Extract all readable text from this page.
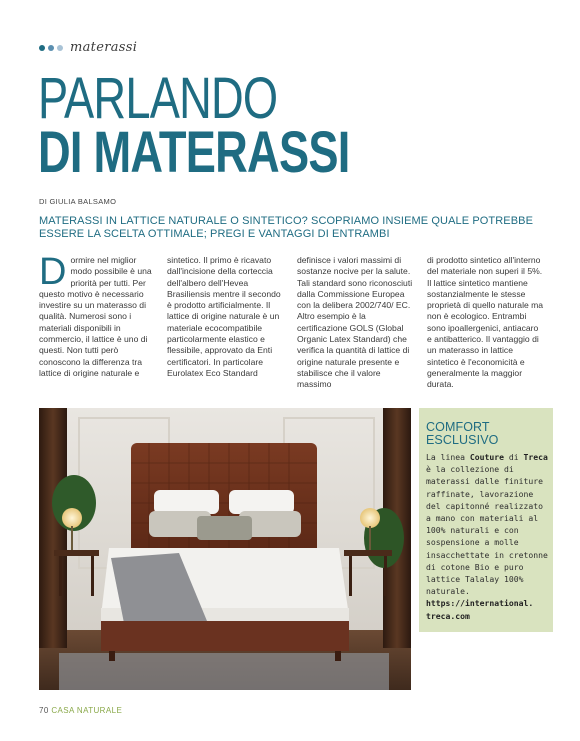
materassi
PARLANDO
DI MATERASSI
DI GIULIA BALSAMO
MATERASSI IN LATTICE NATURALE O SINTETICO? SCOPRIAMO INSIEME QUALE POTREBBE ESSERE LA SCELTA OTTIMALE; PREGI E VANTAGGI DI ENTRAMBI
D ormire nel miglior modo possibile è una priorità per tutti. Per questo motivo è necessario investire su un materasso di qualità. Numerosi sono i materiali disponibili in commercio, il lattice è uno di questi. Non tutti però conoscono la differenza tra lattice di origine naturale e
sintetico. Il primo è ricavato dall'incisione della corteccia dell'albero dell'Hevea Brasiliensis mentre il secondo è prodotto artificialmente. Il lattice di origine naturale è un materiale ecocompatibile particolarmente elastico e flessibile, approvato da Enti certificatori. In particolare Eurolatex Eco Standard
definisce i valori massimi di sostanze nocive per la salute. Tali standard sono riconosciuti dalla Commissione Europea con la delibera 2002/740/ EC. Altro esempio è la certificazione GOLS (Global Organic Latex Standard) che verifica la quantità di lattice di origine naturale presente e stabilisce che il valore massimo
di prodotto sintetico all'interno del materiale non superi il 5%. Il lattice sintetico mantiene sostanzialmente le stesse proprietà di quello naturale ma non è ecologico. Entrambi sono ipoallergenici, antiacaro e antibatterico. Il vantaggio di un materasso in lattice sintetico è l'economicità e generalmente la maggior durata.
COMFORT ESCLUSIVO
La linea Couture di Treca è la collezione di materassi dalle finiture raffinate, lavorazione del capitonné realizzato a mano con materiali al 100% naturali e con sospensione a molle insacchettate in cretonne di cotone Bio e puro lattice Talalay 100% naturale. https://international. treca.com
70 CASA NATURALE
